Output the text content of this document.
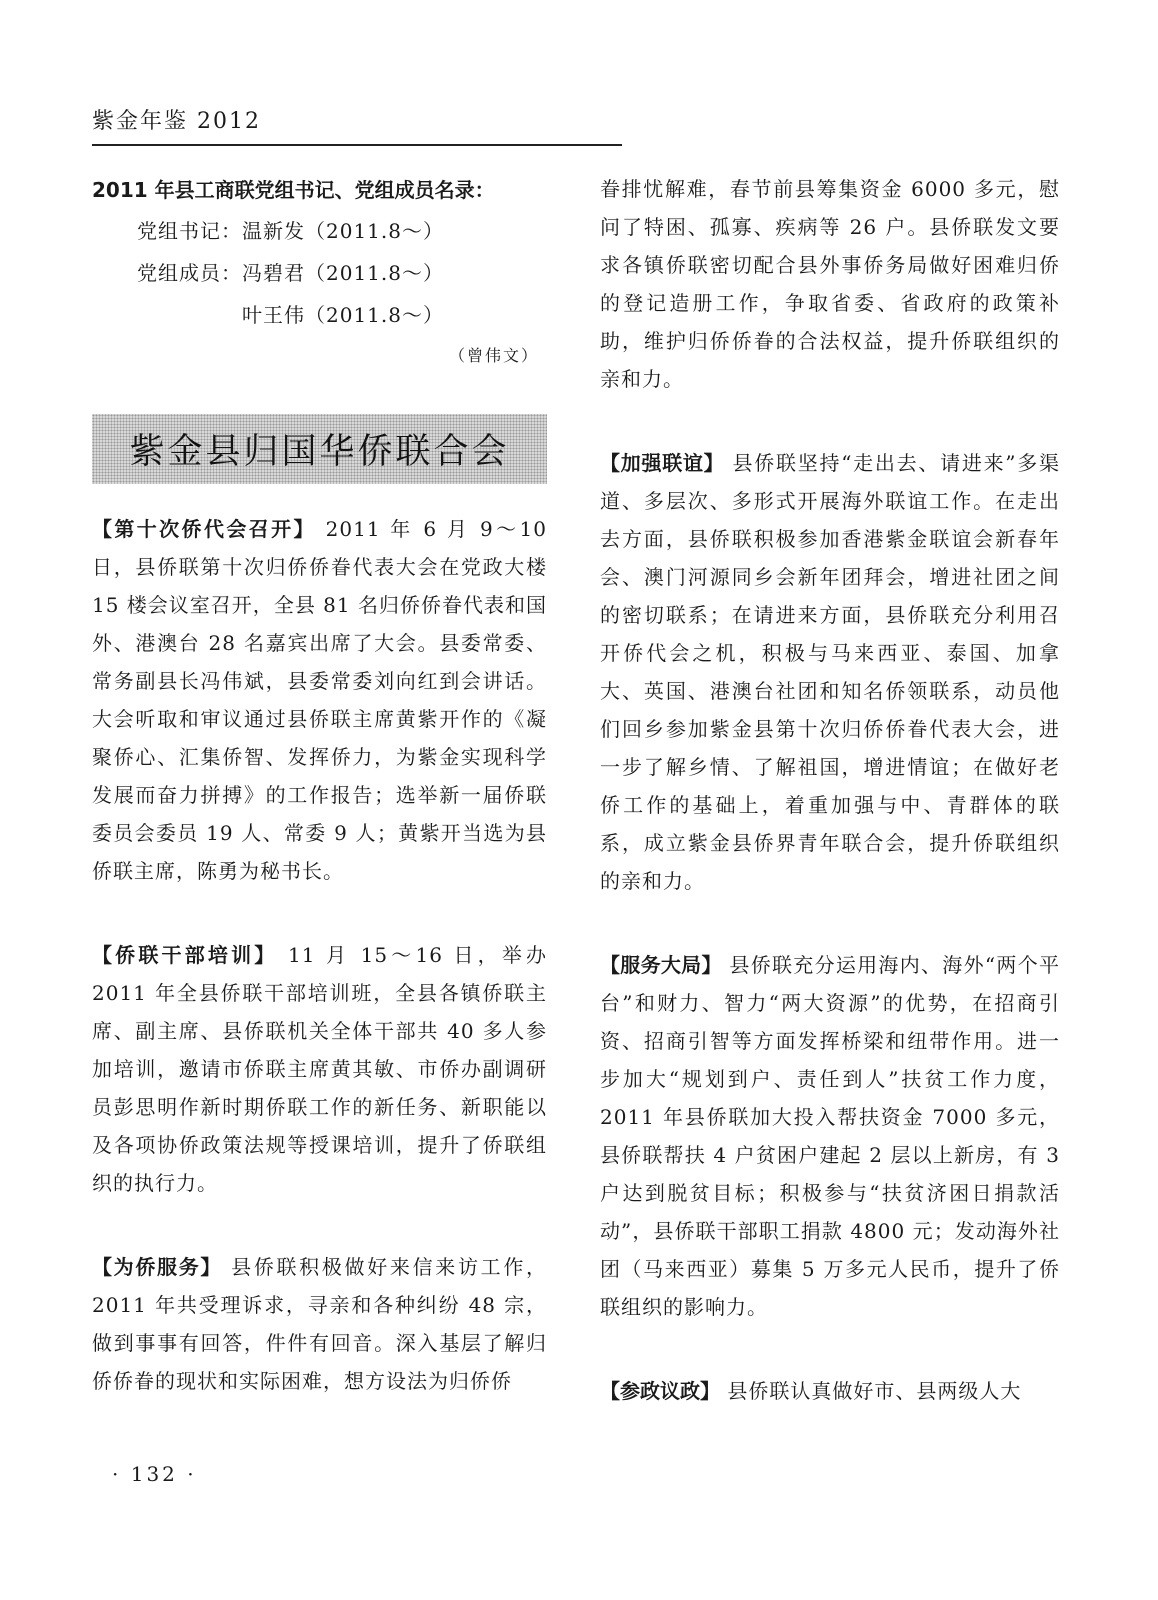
紫金年鉴 2012
2011 年县工商联党组书记、党组成员名录：
党组书记：温新发（2011.8～）
党组成员：冯碧君（2011.8～）
叶王伟（2011.8～）
（曾伟文）
紫金县归国华侨联合会

【第十次侨代会召开】 2011 年 6 月 9～10 日，县侨联第十次归侨侨眷代表大会在党政大楼 15 楼会议室召开，全县 81 名归侨侨眷代表和国外、港澳台 28 名嘉宾出席了大会。县委常委、常务副县长冯伟斌，县委常委刘向红到会讲话。大会听取和审议通过县侨联主席黄紫开作的《凝聚侨心、汇集侨智、发挥侨力，为紫金实现科学发展而奋力拼搏》的工作报告；选举新一届侨联委员会委员 19 人、常委 9 人；黄紫开当选为县侨联主席，陈勇为秘书长。

【侨联干部培训】 11 月 15～16 日，举办 2011 年全县侨联干部培训班，全县各镇侨联主席、副主席、县侨联机关全体干部共 40 多人参加培训，邀请市侨联主席黄其敏、市侨办副调研员彭思明作新时期侨联工作的新任务、新职能以及各项协侨政策法规等授课培训，提升了侨联组织的执行力。

【为侨服务】 县侨联积极做好来信来访工作，2011 年共受理诉求，寻亲和各种纠纷 48 宗，做到事事有回答，件件有回音。深入基层了解归侨侨眷的现状和实际困难，想方设法为归侨侨

眷排忧解难，春节前县筹集资金 6000 多元，慰问了特困、孤寡、疾病等 26 户。县侨联发文要求各镇侨联密切配合县外事侨务局做好困难归侨的登记造册工作，争取省委、省政府的政策补助，维护归侨侨眷的合法权益，提升侨联组织的亲和力。

【加强联谊】 县侨联坚持“走出去、请进来”多渠道、多层次、多形式开展海外联谊工作。在走出去方面，县侨联积极参加香港紫金联谊会新春年会、澳门河源同乡会新年团拜会，增进社团之间的密切联系；在请进来方面，县侨联充分利用召开侨代会之机，积极与马来西亚、泰国、加拿大、英国、港澳台社团和知名侨领联系，动员他们回乡参加紫金县第十次归侨侨眷代表大会，进一步了解乡情、了解祖国，增进情谊；在做好老侨工作的基础上，着重加强与中、青群体的联系，成立紫金县侨界青年联合会，提升侨联组织的亲和力。

【服务大局】 县侨联充分运用海内、海外“两个平台”和财力、智力“两大资源”的优势，在招商引资、招商引智等方面发挥桥梁和纽带作用。进一步加大“规划到户、责任到人”扶贫工作力度，2011 年县侨联加大投入帮扶资金 7000 多元，县侨联帮扶 4 户贫困户建起 2 层以上新房，有 3 户达到脱贫目标；积极参与“扶贫济困日捐款活动”，县侨联干部职工捐款 4800 元；发动海外社团（马来西亚）募集 5 万多元人民币，提升了侨联组织的影响力。

【参政议政】 县侨联认真做好市、县两级人大

· 132 ·
